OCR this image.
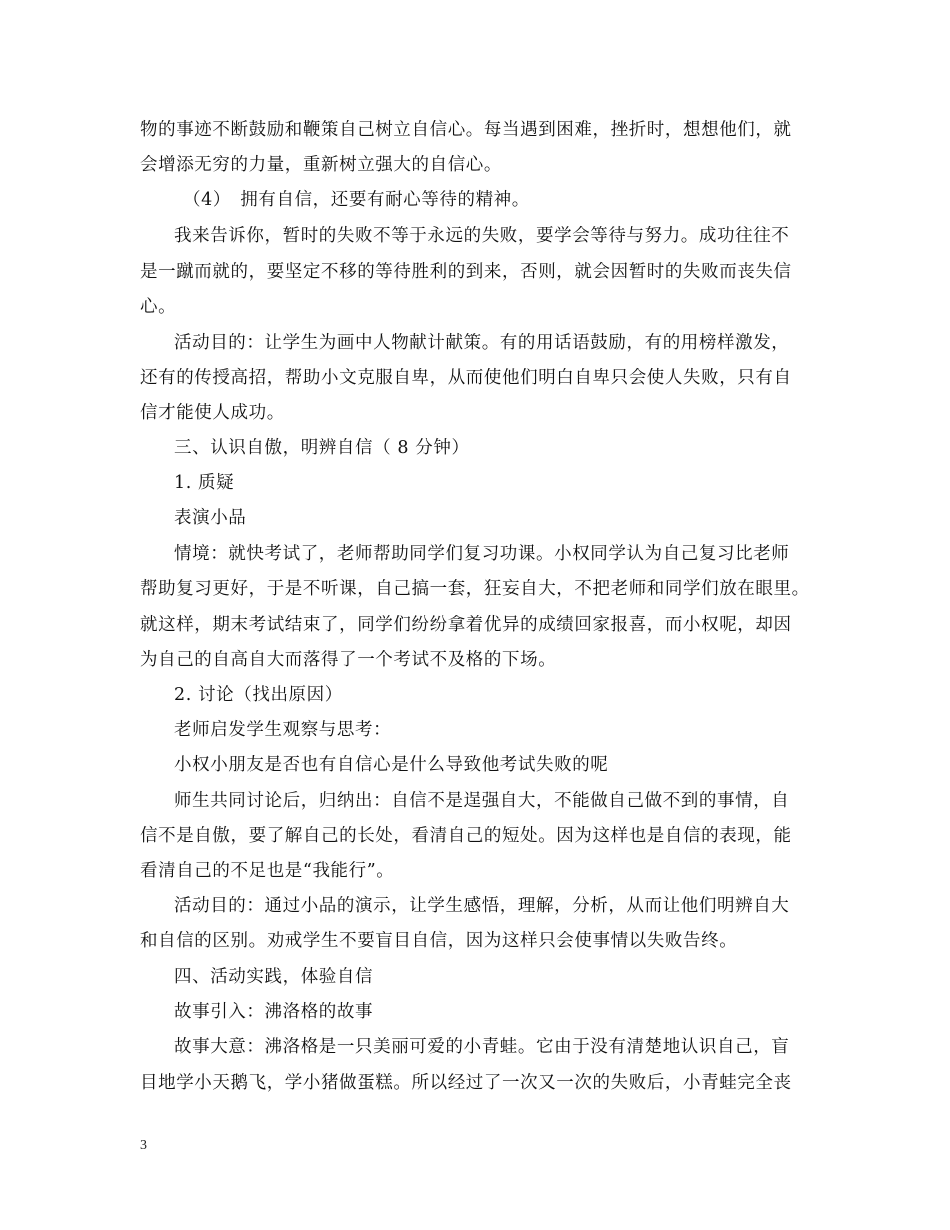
物的事迹不断鼓励和鞭策自己树立自信心。每当遇到困难，挫折时，想想他们，就
会增添无穷的力量，重新树立强大的自信心。
（4）　拥有自信，还要有耐心等待的精神。
我来告诉你，暂时的失败不等于永远的失败，要学会等待与努力。成功往往不
是一蹴而就的，要坚定不移的等待胜利的到来，否则，就会因暂时的失败而丧失信
心。
活动目的：让学生为画中人物献计献策。有的用话语鼓励，有的用榜样激发，
还有的传授高招，帮助小文克服自卑，从而使他们明白自卑只会使人失败，只有自
信才能使人成功。
三、认识自傲，明辨自信（ 8 分钟）
1. 质疑
表演小品
情境：就快考试了，老师帮助同学们复习功课。小权同学认为自己复习比老师
帮助复习更好，于是不听课，自己搞一套，狂妄自大，不把老师和同学们放在眼里。
就这样，期末考试结束了，同学们纷纷拿着优异的成绩回家报喜，而小权呢，却因
为自己的自高自大而落得了一个考试不及格的下场。
2. 讨论（找出原因）
老师启发学生观察与思考：
小权小朋友是否也有自信心是什么导致他考试失败的呢
师生共同讨论后，归纳出：自信不是逞强自大，不能做自己做不到的事情，自
信不是自傲，要了解自己的长处，看清自己的短处。因为这样也是自信的表现，能
看清自己的不足也是“我能行”。
活动目的：通过小品的演示，让学生感悟，理解，分析，从而让他们明辨自大
和自信的区别。劝戒学生不要盲目自信，因为这样只会使事情以失败告终。
四、活动实践，体验自信
故事引入：沸洛格的故事
故事大意：沸洛格是一只美丽可爱的小青蛙。它由于没有清楚地认识自己，盲
目地学小天鹅飞，学小猪做蛋糕。所以经过了一次又一次的失败后，小青蛙完全丧
3
